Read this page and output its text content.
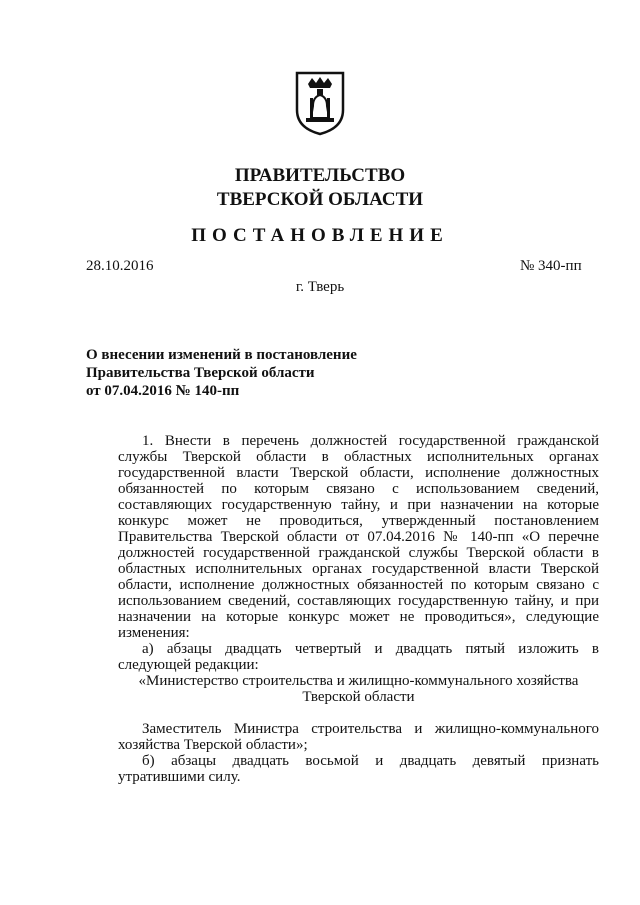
ПРАВИТЕЛЬСТВО
ТВЕРСКОЙ ОБЛАСТИ
ПОСТАНОВЛЕНИЕ
28.10.2016	№ 340-пп
г. Тверь
О внесении изменений в постановление
Правительства Тверской области
от 07.04.2016 № 140-пп

1. Внести в перечень должностей государственной гражданской службы Тверской области в областных исполнительных органах государственной власти Тверской области, исполнение должностных обязанностей по которым связано с использованием сведений, составляющих государственную тайну, и при назначении на которые конкурс может не проводиться, утвержденный постановлением Правительства Тверской области от 07.04.2016 № 140-пп «О перечне должностей государственной гражданской службы Тверской области в областных исполнительных органах государственной власти Тверской области, исполнение должностных обязанностей по которым связано с использованием сведений, составляющих государственную тайну, и при назначении на которые конкурс может не проводиться», следующие изменения:

а) абзацы двадцать четвертый и двадцать пятый изложить в следующей редакции:

«Министерство строительства и жилищно-коммунального хозяйства

Тверской области

Заместитель Министра строительства и жилищно-коммунального хозяйства Тверской области»;

б) абзацы двадцать восьмой и двадцать девятый признать утратившими силу.
